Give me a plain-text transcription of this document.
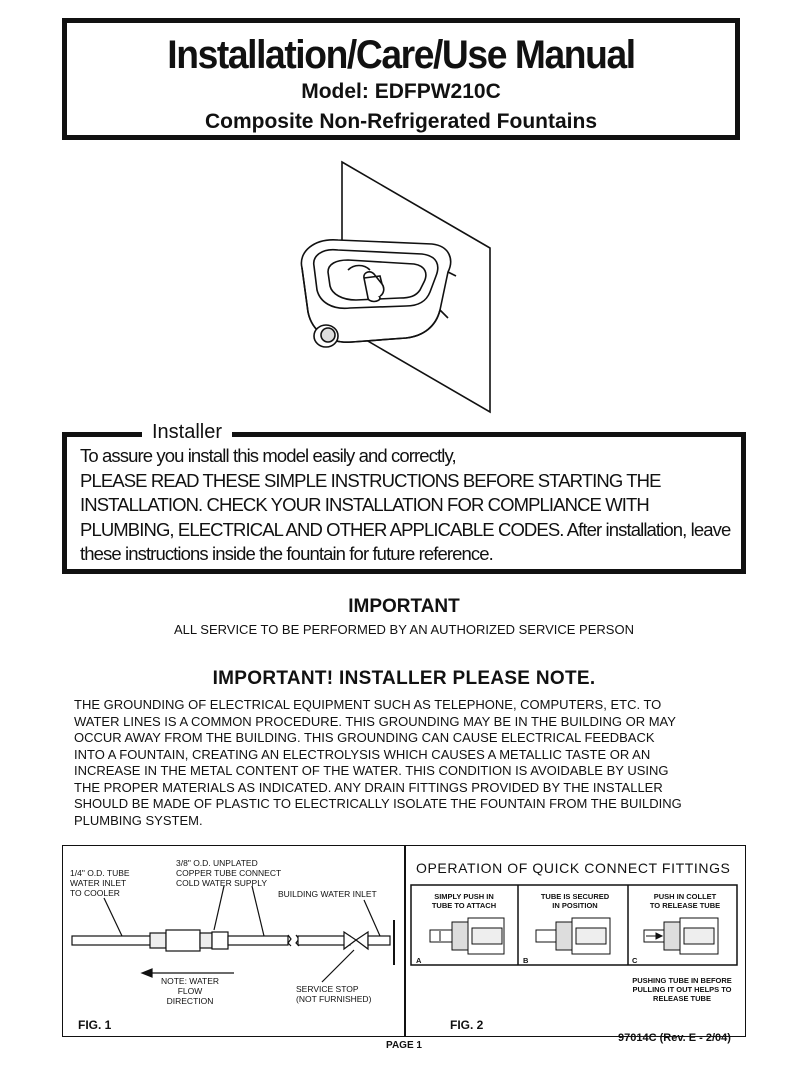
Installation/Care/Use Manual
Model: EDFPW210C
Composite Non-Refrigerated Fountains
Installer
To assure you install this model easily and correctly,
PLEASE READ THESE SIMPLE INSTRUCTIONS BEFORE STARTING THE
INSTALLATION. CHECK YOUR INSTALLATION FOR COMPLIANCE WITH
PLUMBING, ELECTRICAL AND OTHER APPLICABLE CODES. After installation, leave
these instructions inside the fountain for future reference.
IMPORTANT
ALL SERVICE TO BE PERFORMED BY AN AUTHORIZED SERVICE PERSON
IMPORTANT! INSTALLER PLEASE NOTE.
THE GROUNDING OF ELECTRICAL EQUIPMENT SUCH AS TELEPHONE, COMPUTERS, ETC. TO
WATER LINES IS A COMMON PROCEDURE. THIS GROUNDING MAY BE IN THE BUILDING OR MAY
OCCUR AWAY FROM THE BUILDING. THIS GROUNDING CAN CAUSE ELECTRICAL FEEDBACK
INTO A FOUNTAIN, CREATING AN ELECTROLYSIS WHICH CAUSES A METALLIC TASTE OR AN
INCREASE IN THE METAL CONTENT OF THE WATER. THIS CONDITION IS AVOIDABLE BY USING
THE PROPER MATERIALS AS INDICATED. ANY DRAIN FITTINGS PROVIDED BY THE INSTALLER
SHOULD BE MADE OF PLASTIC TO ELECTRICALLY ISOLATE THE FOUNTAIN FROM THE BUILDING
PLUMBING SYSTEM.
1/4" O.D. TUBE
WATER INLET
TO COOLER
3/8" O.D. UNPLATED
COPPER TUBE CONNECT
COLD WATER SUPPLY
BUILDING WATER INLET
NOTE: WATER FLOW
DIRECTION
SERVICE STOP
(NOT FURNISHED)
FIG. 1
OPERATION OF QUICK CONNECT FITTINGS
SIMPLY PUSH IN
TUBE TO ATTACH
TUBE IS SECURED
IN POSITION
PUSH IN COLLET
TO RELEASE TUBE
A	B	C
PUSHING TUBE IN BEFORE
PULLING IT OUT HELPS TO
RELEASE TUBE
FIG. 2
PAGE 1
97014C (Rev. E - 2/04)
